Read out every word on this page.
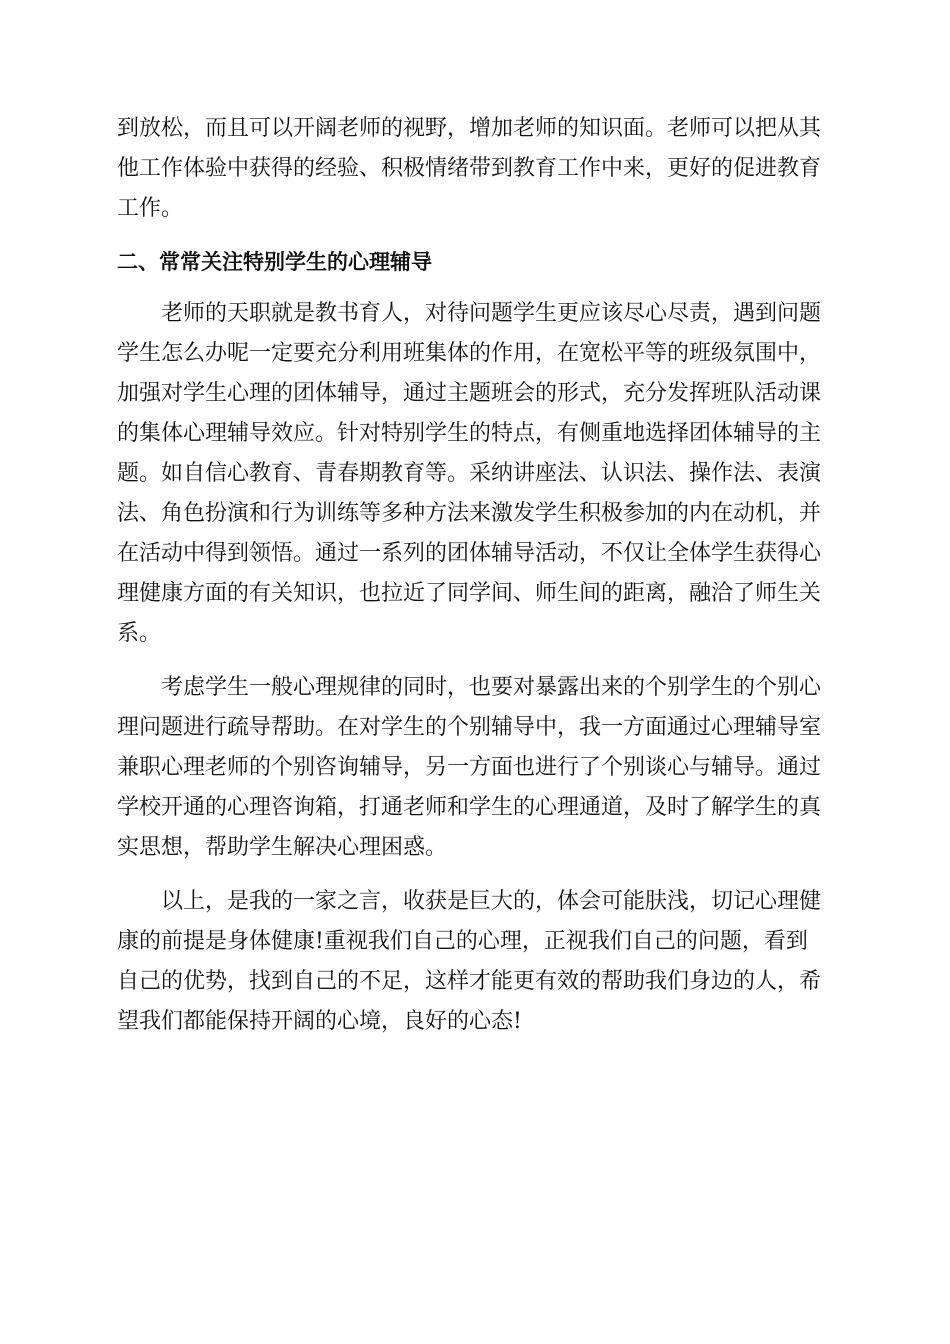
到放松，而且可以开阔老师的视野，增加老师的知识面。老师可以把从其

他工作体验中获得的经验、积极情绪带到教育工作中来，更好的促进教育

工作。

二、常常关注特别学生的心理辅导

老师的天职就是教书育人，对待问题学生更应该尽心尽责，遇到问题

学生怎么办呢一定要充分利用班集体的作用，在宽松平等的班级氛围中，

加强对学生心理的团体辅导，通过主题班会的形式，充分发挥班队活动课

的集体心理辅导效应。针对特别学生的特点，有侧重地选择团体辅导的主

题。如自信心教育、青春期教育等。采纳讲座法、认识法、操作法、表演

法、角色扮演和行为训练等多种方法来激发学生积极参加的内在动机，并

在活动中得到领悟。通过一系列的团体辅导活动，不仅让全体学生获得心

理健康方面的有关知识，也拉近了同学间、师生间的距离，融洽了师生关

系。

考虑学生一般心理规律的同时，也要对暴露出来的个别学生的个别心

理问题进行疏导帮助。在对学生的个别辅导中，我一方面通过心理辅导室

兼职心理老师的个别咨询辅导，另一方面也进行了个别谈心与辅导。通过

学校开通的心理咨询箱，打通老师和学生的心理通道，及时了解学生的真

实思想，帮助学生解决心理困惑。

以上，是我的一家之言，收获是巨大的，体会可能肤浅，切记心理健

康的前提是身体健康!重视我们自己的心理，正视我们自己的问题，看到

自己的优势，找到自己的不足，这样才能更有效的帮助我们身边的人，希

望我们都能保持开阔的心境，良好的心态!
